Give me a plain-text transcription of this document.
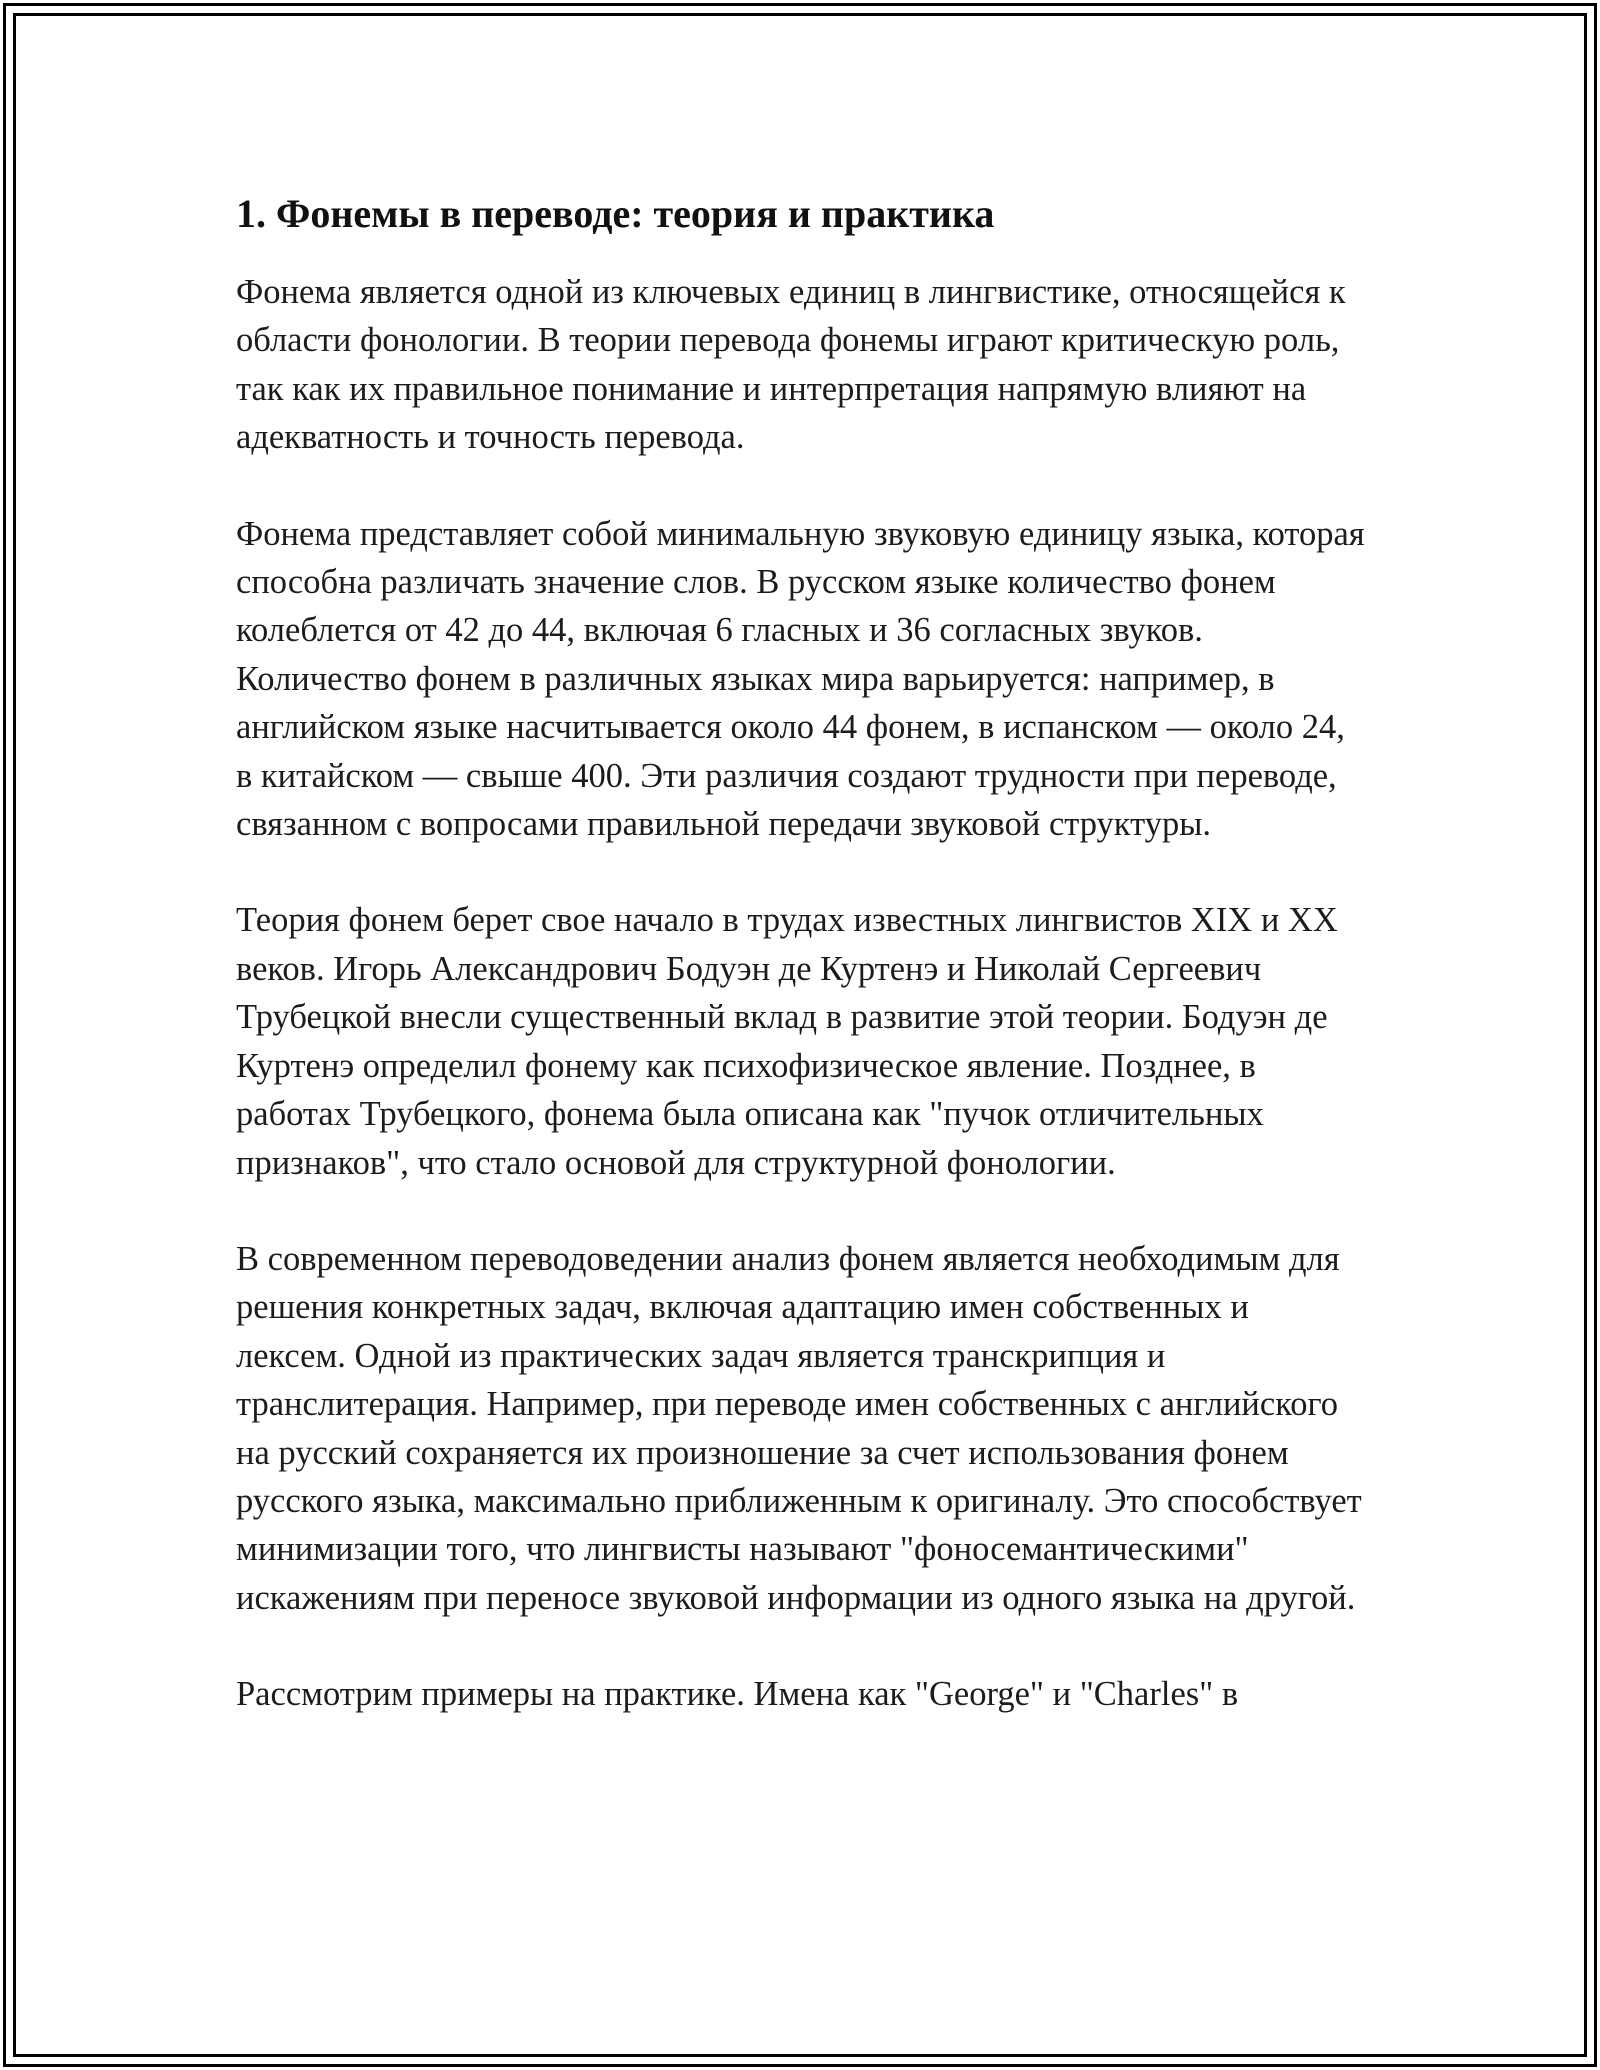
1. Фонемы в переводе: теория и практика

Фонема является одной из ключевых единиц в лингвистике, относящейся к области фонологии. В теории перевода фонемы играют критическую роль, так как их правильное понимание и интерпретация напрямую влияют на адекватность и точность перевода.

Фонема представляет собой минимальную звуковую единицу языка, которая способна различать значение слов. В русском языке количество фонем колеблется от 42 до 44, включая 6 гласных и 36 согласных звуков. Количество фонем в различных языках мира варьируется: например, в английском языке насчитывается около 44 фонем, в испанском — около 24, в китайском — свыше 400. Эти различия создают трудности при переводе, связанном с вопросами правильной передачи звуковой структуры.

Теория фонем берет свое начало в трудах известных лингвистов XIX и XX веков. Игорь Александрович Бодуэн де Куртенэ и Николай Сергеевич Трубецкой внесли существенный вклад в развитие этой теории. Бодуэн де Куртенэ определил фонему как психофизическое явление. Позднее, в работах Трубецкого, фонема была описана как "пучок отличительных признаков", что стало основой для структурной фонологии.

В современном переводоведении анализ фонем является необходимым для решения конкретных задач, включая адаптацию имен собственных и лексем. Одной из практических задач является транскрипция и транслитерация. Например, при переводе имен собственных с английского на русский сохраняется их произношение за счет использования фонем русского языка, максимально приближенным к оригиналу. Это способствует минимизации того, что лингвисты называют "фоносемантическими" искажениям при переносе звуковой информации из одного языка на другой.

Рассмотрим примеры на практике. Имена как "George" и "Charles" в
